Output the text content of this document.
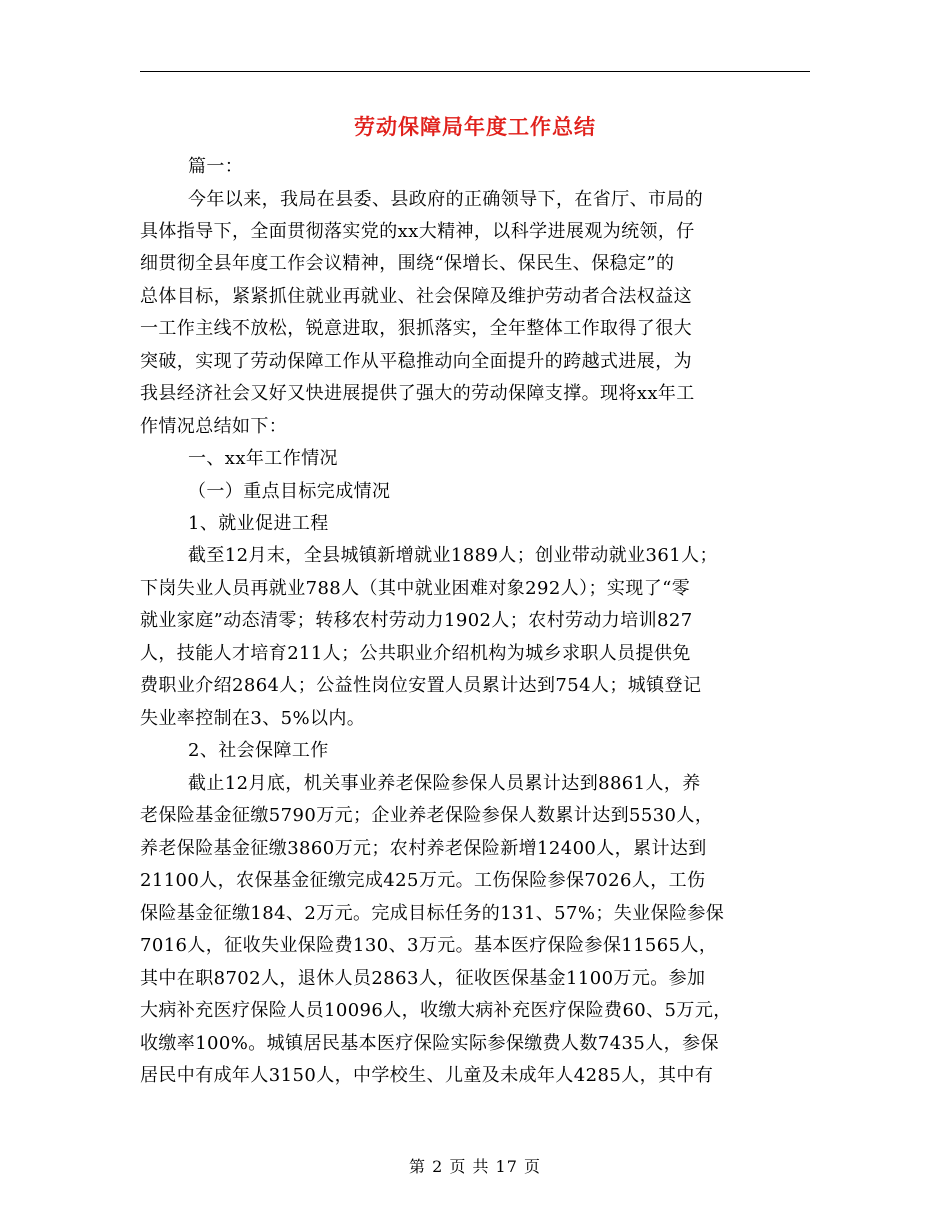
劳动保障局年度工作总结
篇一：
今年以来，我局在县委、县政府的正确领导下，在省厅、市局的
具体指导下，全面贯彻落实党的xx大精神，以科学进展观为统领，仔
细贯彻全县年度工作会议精神，围绕“保增长、保民生、保稳定”的
总体目标，紧紧抓住就业再就业、社会保障及维护劳动者合法权益这
一工作主线不放松，锐意进取，狠抓落实，全年整体工作取得了很大
突破，实现了劳动保障工作从平稳推动向全面提升的跨越式进展，为
我县经济社会又好又快进展提供了强大的劳动保障支撑。现将xx年工
作情况总结如下：
一、xx年工作情况
（一）重点目标完成情况
1、就业促进工程
截至12月末，全县城镇新增就业1889人；创业带动就业361人；
下岗失业人员再就业788人（其中就业困难对象292人）；实现了“零
就业家庭”动态清零；转移农村劳动力1902人；农村劳动力培训827
人，技能人才培育211人；公共职业介绍机构为城乡求职人员提供免
费职业介绍2864人；公益性岗位安置人员累计达到754人；城镇登记
失业率控制在3、5%以内。
2、社会保障工作
截止12月底，机关事业养老保险参保人员累计达到8861人，养
老保险基金征缴5790万元；企业养老保险参保人数累计达到5530人，
养老保险基金征缴3860万元；农村养老保险新增12400人，累计达到
21100人，农保基金征缴完成425万元。工伤保险参保7026人，工伤
保险基金征缴184、2万元。完成目标任务的131、57%；失业保险参保
7016人，征收失业保险费130、3万元。基本医疗保险参保11565人，
其中在职8702人，退休人员2863人，征收医保基金1100万元。参加
大病补充医疗保险人员10096人，收缴大病补充医疗保险费60、5万元，
收缴率100%。城镇居民基本医疗保险实际参保缴费人数7435人，参保
居民中有成年人3150人，中学校生、儿童及未成年人4285人，其中有
第 2 页 共 17 页
